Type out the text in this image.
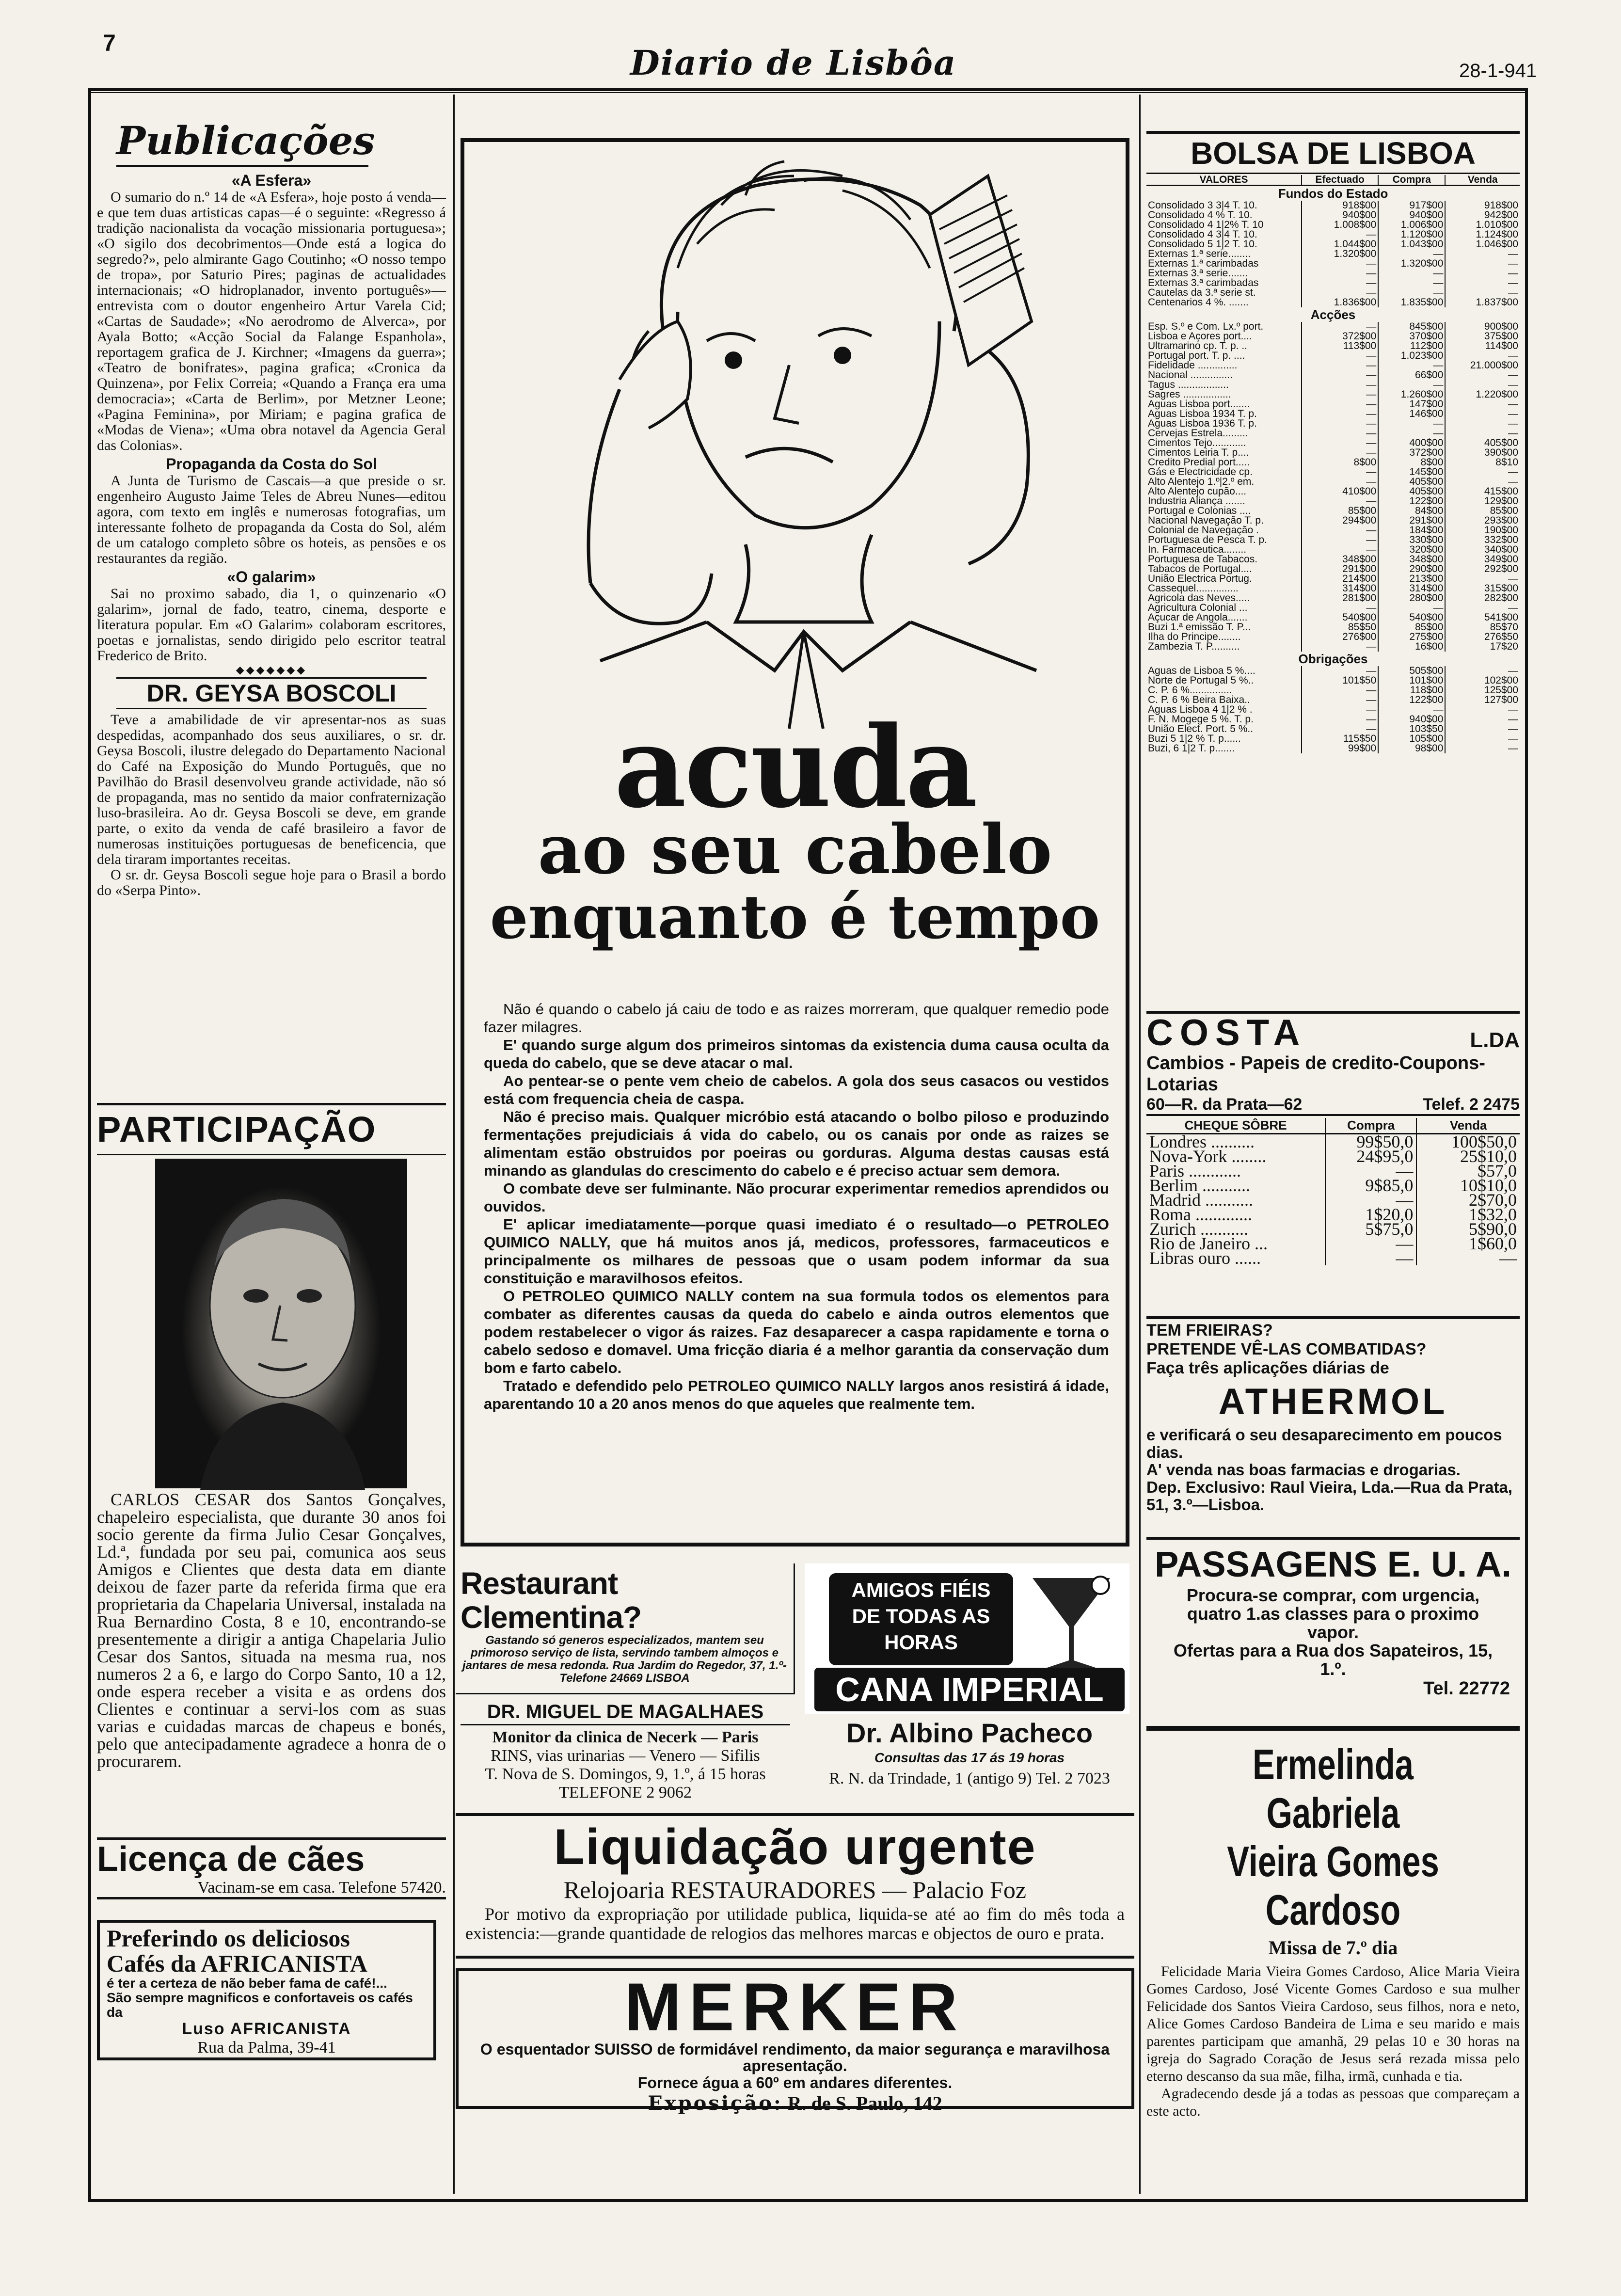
7	Diario de Lisbôa	28-1-941
Publicações
«A Esfera»

O sumario do n.º 14 de «A Esfera», hoje posto á venda— e que tem duas artisticas capas—é o seguinte: «Regresso á tradição nacionalista da vocação missionaria portuguesa»; «O sigilo dos decobrimentos—Onde está a logica do segredo?», pelo almirante Gago Coutinho; «O nosso tempo de tropa», por Saturio Pires; paginas de actualidades internacionais; «O hidroplanador, invento português»—entrevista com o doutor engenheiro Artur Varela Cid; «Cartas de Saudade»; «No aerodromo de Alverca», por Ayala Botto; «Acção Social da Falange Espanhola», reportagem grafica de J. Kirchner; «Imagens da guerra»; «Teatro de bonifrates», pagina grafica; «Cronica da Quinzena», por Felix Correia; «Quando a França era uma democracia»; «Carta de Berlim», por Metzner Leone; «Pagina Feminina», por Miriam; e pagina grafica de «Modas de Viena»; «Uma obra notavel da Agencia Geral das Colonias».

Propaganda da Costa do Sol

A Junta de Turismo de Cascais—a que preside o sr. engenheiro Augusto Jaime Teles de Abreu Nunes—editou agora, com texto em inglês e numerosas fotografias, um interessante folheto de propaganda da Costa do Sol, além de um catalogo completo sôbre os hoteis, as pensões e os restaurantes da região.

«O galarim»

Sai no proximo sabado, dia 1, o quinzenario «O galarim», jornal de fado, teatro, cinema, desporte e literatura popular. Em «O Galarim» colaboram escritores, poetas e jornalistas, sendo dirigido pelo escritor teatral Frederico de Brito.

◆◆◆◆◆◆◆
DR. GEYSA BOSCOLI

Teve a amabilidade de vir apresentar-nos as suas despedidas, acompanhado dos seus auxiliares, o sr. dr. Geysa Boscoli, ilustre delegado do Departamento Nacional do Café na Exposição do Mundo Português, que no Pavilhão do Brasil desenvolveu grande actividade, não só de propaganda, mas no sentido da maior confraternização luso-brasileira. Ao dr. Geysa Boscoli se deve, em grande parte, o exito da venda de café brasileiro a favor de numerosas instituições portuguesas de beneficencia, que dela tiraram importantes receitas.

O sr. dr. Geysa Boscoli segue hoje para o Brasil a bordo do «Serpa Pinto».

PARTICIPAÇÃO

CARLOS CESAR dos Santos Gonçalves, chapeleiro especialista, que durante 30 anos foi socio gerente da firma Julio Cesar Gonçalves, Ld.ª, fundada por seu pai, comunica aos seus Amigos e Clientes que desta data em diante deixou de fazer parte da referida firma que era proprietaria da Chapelaria Universal, instalada na Rua Bernardino Costa, 8 e 10, encontrando-se presentemente a dirigir a antiga Chapelaria Julio Cesar dos Santos, situada na mesma rua, nos numeros 2 a 6, e largo do Corpo Santo, 10 a 12, onde espera receber a visita e as ordens dos Clientes e continuar a servi-los com as suas varias e cuidadas marcas de chapeus e bonés, pelo que antecipadamente agradece a honra de o procurarem.

Licença de cães
Vacinam-se em casa. Telefone 57420.
Preferindo os deliciosos
Cafés da AFRICANISTA
é ter a certeza de não beber fama de café!...
São sempre magnificos e confortaveis os cafés da
Luso AFRICANISTA
Rua da Palma, 39-41
acuda
ao seu cabelo
enquanto é tempo

Não é quando o cabelo já caiu de todo e as raizes morreram, que qualquer remedio pode fazer milagres.

E' quando surge algum dos primeiros sintomas da existencia duma causa oculta da queda do cabelo, que se deve atacar o mal.

Ao pentear-se o pente vem cheio de cabelos. A gola dos seus casacos ou vestidos está com frequencia cheia de caspa.

Não é preciso mais. Qualquer micróbio está atacando o bolbo piloso e produzindo fermentações prejudiciais á vida do cabelo, ou os canais por onde as raizes se alimentam estão obstruidos por poeiras ou gorduras. Alguma destas causas está minando as glandulas do crescimento do cabelo e é preciso actuar sem demora.

O combate deve ser fulminante. Não procurar experimentar remedios aprendidos ou ouvidos.

E' aplicar imediatamente—porque quasi imediato é o resultado—o PETROLEO QUIMICO NALLY, que há muitos anos já, medicos, professores, farmaceuticos e principalmente os milhares de pessoas que o usam podem informar da sua constituição e maravilhosos efeitos.

O PETROLEO QUIMICO NALLY contem na sua formula todos os elementos para combater as diferentes causas da queda do cabelo e ainda outros elementos que podem restabelecer o vigor ás raizes. Faz desaparecer a caspa rapidamente e torna o cabelo sedoso e domavel. Uma fricção diaria é a melhor garantia da conservação dum bom e farto cabelo.

Tratado e defendido pelo PETROLEO QUIMICO NALLY largos anos resistirá á idade, aparentando 10 a 20 anos menos do que aqueles que realmente tem.

Restaurant Clementina?
Gastando só generos especializados, mantem seu primoroso serviço de lista, servindo tambem almoços e jantares de mesa redonda. Rua Jardim do Regedor, 37, 1.º-Telefone 24669 LISBOA
AMIGOS FIÉIS
DE TODAS AS
HORAS
CANA IMPERIAL
DR. MIGUEL DE MAGALHAES
Monitor da clinica de Necerk — Paris
RINS, vias urinarias — Venero — Sifilis
T. Nova de S. Domingos, 9, 1.º, á 15 horas
TELEFONE 2 9062
Dr. Albino Pacheco
Consultas das 17 ás 19 horas
R. N. da Trindade, 1 (antigo 9) Tel. 2 7023
Liquidação urgente
Relojoaria RESTAURADORES — Palacio Foz

Por motivo da expropriação por utilidade publica, liquida-se até ao fim do mês toda a existencia:—grande quantidade de relogios das melhores marcas e objectos de ouro e prata.

MERKER
O esquentador SUISSO de formidável rendimento, da maior segurança e maravilhosa apresentação.
Fornece água a 60º em andares diferentes.
Exposição: R. de S. Paulo, 142
BOLSA DE LISBOA
VALORES	Efectuado	Compra	Venda
Fundos do Estado			
Consolidado 3 3|4 T. 10.	918$00	917$00	918$00
Consolidado 4 % T. 10.	940$00	940$00	942$00
Consolidado 4 1|2% T. 10	1.008$00	1.006$00	1.010$00
Consolidado 4 3|4 T. 10.	—	1.120$00	1.124$00
Consolidado 5 1|2 T. 10.	1.044$00	1.043$00	1.046$00
Externas 1.ª serie........	1.320$00	—	—
Externas 1.ª carimbadas	—	1.320$00	—
Externas 3.ª serie.......	—	—	—
Externas 3.ª carimbadas	—	—	—
Cautelas da 3.ª serie st.	—	—	—
Centenarios 4 %. .......	1.836$00	1.835$00	1.837$00
Acções			
Esp. S.º e Com. Lx.º port.	—	845$00	900$00
Lisboa e Açores port....	372$00	370$00	375$00
Ultramarino cp. T. p. ..	113$00	112$00	114$00
Portugal port. T. p. ....	—	1.023$00	—
Fidelidade ..............	—	—	21.000$00
Nacional ...............	—	66$00	—
Tagus ..................	—	—	—
Sagres .................	—	1.260$00	1.220$00
Aguas Lisboa port.......	—	147$00	—
Aguas Lisboa 1934 T. p.	—	146$00	—
Aguas Lisboa 1936 T. p.	—	—	—
Cervejas Estrela.........	—	—	—
Cimentos Tejo............	—	400$00	405$00
Cimentos Leiria T. p....	—	372$00	390$00
Credito Predial port.....	8$00	8$00	8$10
Gás e Electricidade cp.	—	145$00	—
Alto Alentejo 1.º|2.º em.	—	405$00	—
Alto Alentejo cupão....	410$00	405$00	415$00
Industria Aliança .......	—	122$00	129$00
Portugal e Colonias ....	85$00	84$00	85$00
Nacional Navegação T. p.	294$00	291$00	293$00
Colonial de Navegação .	—	184$00	190$00
Portuguesa de Pesca T. p.	—	330$00	332$00
In. Farmaceutica........	—	320$00	340$00
Portuguesa de Tabacos.	348$00	348$00	349$00
Tabacos de Portugal....	291$00	290$00	292$00
União Electrica Portug.	214$00	213$00	—
Cassequel...............	314$00	314$00	315$00
Agricola das Neves.....	281$00	280$00	282$00
Agricultura Colonial ...	—	—	—
Açucar de Angola.......	540$00	540$00	541$00
Buzi 1.ª emissão T. P...	85$50	85$00	85$70
Ilha do Principe........	276$00	275$00	276$50
Zambezia T. P..........	—	16$00	17$20
Obrigações			
Aguas de Lisboa 5 %....	—	505$00	—
Norte de Portugal 5 %..	101$50	101$00	102$00
C. P. 6 %...............	—	118$00	125$00
C. P. 6 % Beira Baixa..	—	122$00	127$00
Aguas Lisboa 4 1|2 % .	—	—	—
F. N. Mogege 5 %. T. p.	—	940$00	—
União Elect. Port. 5 %..	—	103$50	—
Buzi 5 1|2 % T. p......	115$50	105$00	—
Buzi, 6 1|2 T. p.......	99$00	98$00	—
COSTA	L.DA
Cambios - Papeis de credito-Coupons-Lotarias
60—R. da Prata—62	Telef. 2 2475
CHEQUE SÔBRE	Compra	Venda
Londres ..........	99$50,0	100$50,0
Nova-York ........	24$95,0	25$10,0
Paris ............	—	$57,0
Berlim ...........	9$85,0	10$10,0
Madrid ...........	—	2$70,0
Roma .............	1$20,0	1$32,0
Zurich ...........	5$75,0	5$90,0
Rio de Janeiro ...	—	1$60,0
Libras ouro ......	—	—
TEM FRIEIRAS?
PRETENDE VÊ-LAS COMBATIDAS?
Faça três aplicações diárias de
ATHERMOL
e verificará o seu desaparecimento em poucos dias.
A' venda nas boas farmacias e drogarias.
Dep. Exclusivo: Raul Vieira, Lda.—Rua da Prata, 51, 3.º—Lisboa.
PASSAGENS E. U. A.
Procura-se comprar, com urgencia, quatro 1.as classes para o proximo vapor.
Ofertas para a Rua dos Sapateiros, 15, 1.º.
Tel. 22772
Ermelinda Gabriela
Vieira Gomes Cardoso
Missa de 7.º dia

Felicidade Maria Vieira Gomes Cardoso, Alice Maria Vieira Gomes Cardoso, José Vicente Gomes Cardoso e sua mulher Felicidade dos Santos Vieira Cardoso, seus filhos, nora e neto, Alice Gomes Cardoso Bandeira de Lima e seu marido e mais parentes participam que amanhã, 29 pelas 10 e 30 horas na igreja do Sagrado Coração de Jesus será rezada missa pelo eterno descanso da sua mãe, filha, irmã, cunhada e tia.

Agradecendo desde já a todas as pessoas que compareçam a este acto.
